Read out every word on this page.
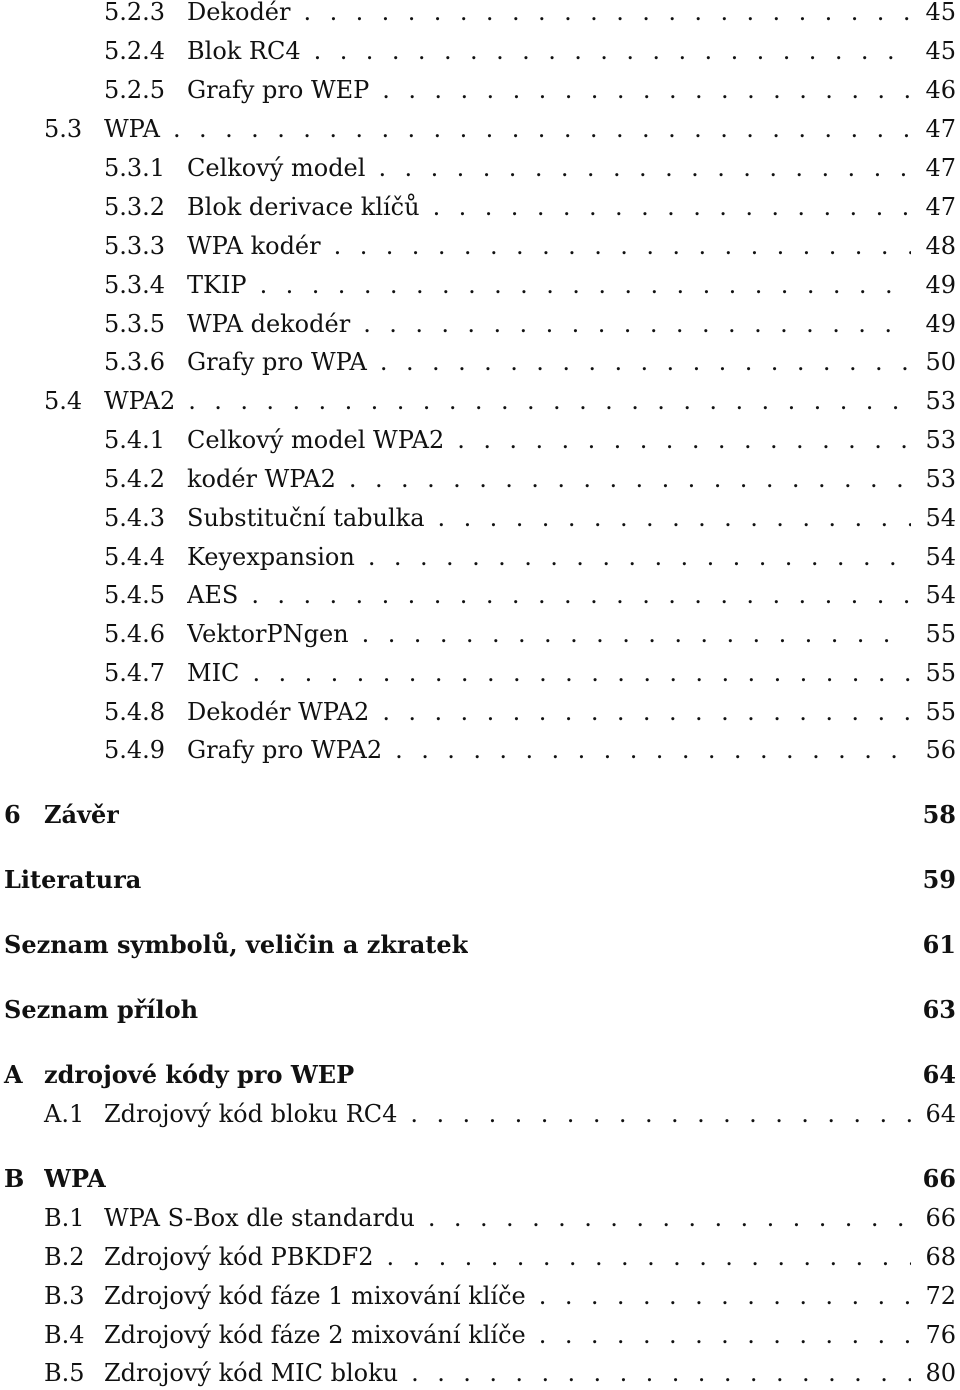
5.2.3 Dekodér . . .	45
5.2.4 Blok RC4 . . .	45
5.2.5 Grafy pro WEP . . .	46
5.3 WPA . . .	47
5.3.1 Celkový model . . .	47
5.3.2 Blok derivace klíčů . . .	47
5.3.3 WPA kodér . . .	48
5.3.4 TKIP . . .	49
5.3.5 WPA dekodér . . .	49
5.3.6 Grafy pro WPA . . .	50
5.4 WPA2 . . .	53
5.4.1 Celkový model WPA2 . . .	53
5.4.2 kodér WPA2 . . .	53
5.4.3 Substituční tabulka . . .	54
5.4.4 Keyexpansion . . .	54
5.4.5 AES . . .	54
5.4.6 VektorPNgen . . .	55
5.4.7 MIC . . .	55
5.4.8 Dekodér WPA2 . . .	55
5.4.9 Grafy pro WPA2 . . .	56
6 Závěr	58
Literatura	59
Seznam symbolů, veličin a zkratek	61
Seznam příloh	63
A zdrojové kódy pro WEP	64
A.1 Zdrojový kód bloku RC4 . . .	64
B WPA	66
B.1 WPA S-Box dle standardu . . .	66
B.2 Zdrojový kód PBKDF2 . . .	68
B.3 Zdrojový kód fáze 1 mixování klíče . . .	72
B.4 Zdrojový kód fáze 2 mixování klíče . . .	76
B.5 Zdrojový kód MIC bloku . . .	80
